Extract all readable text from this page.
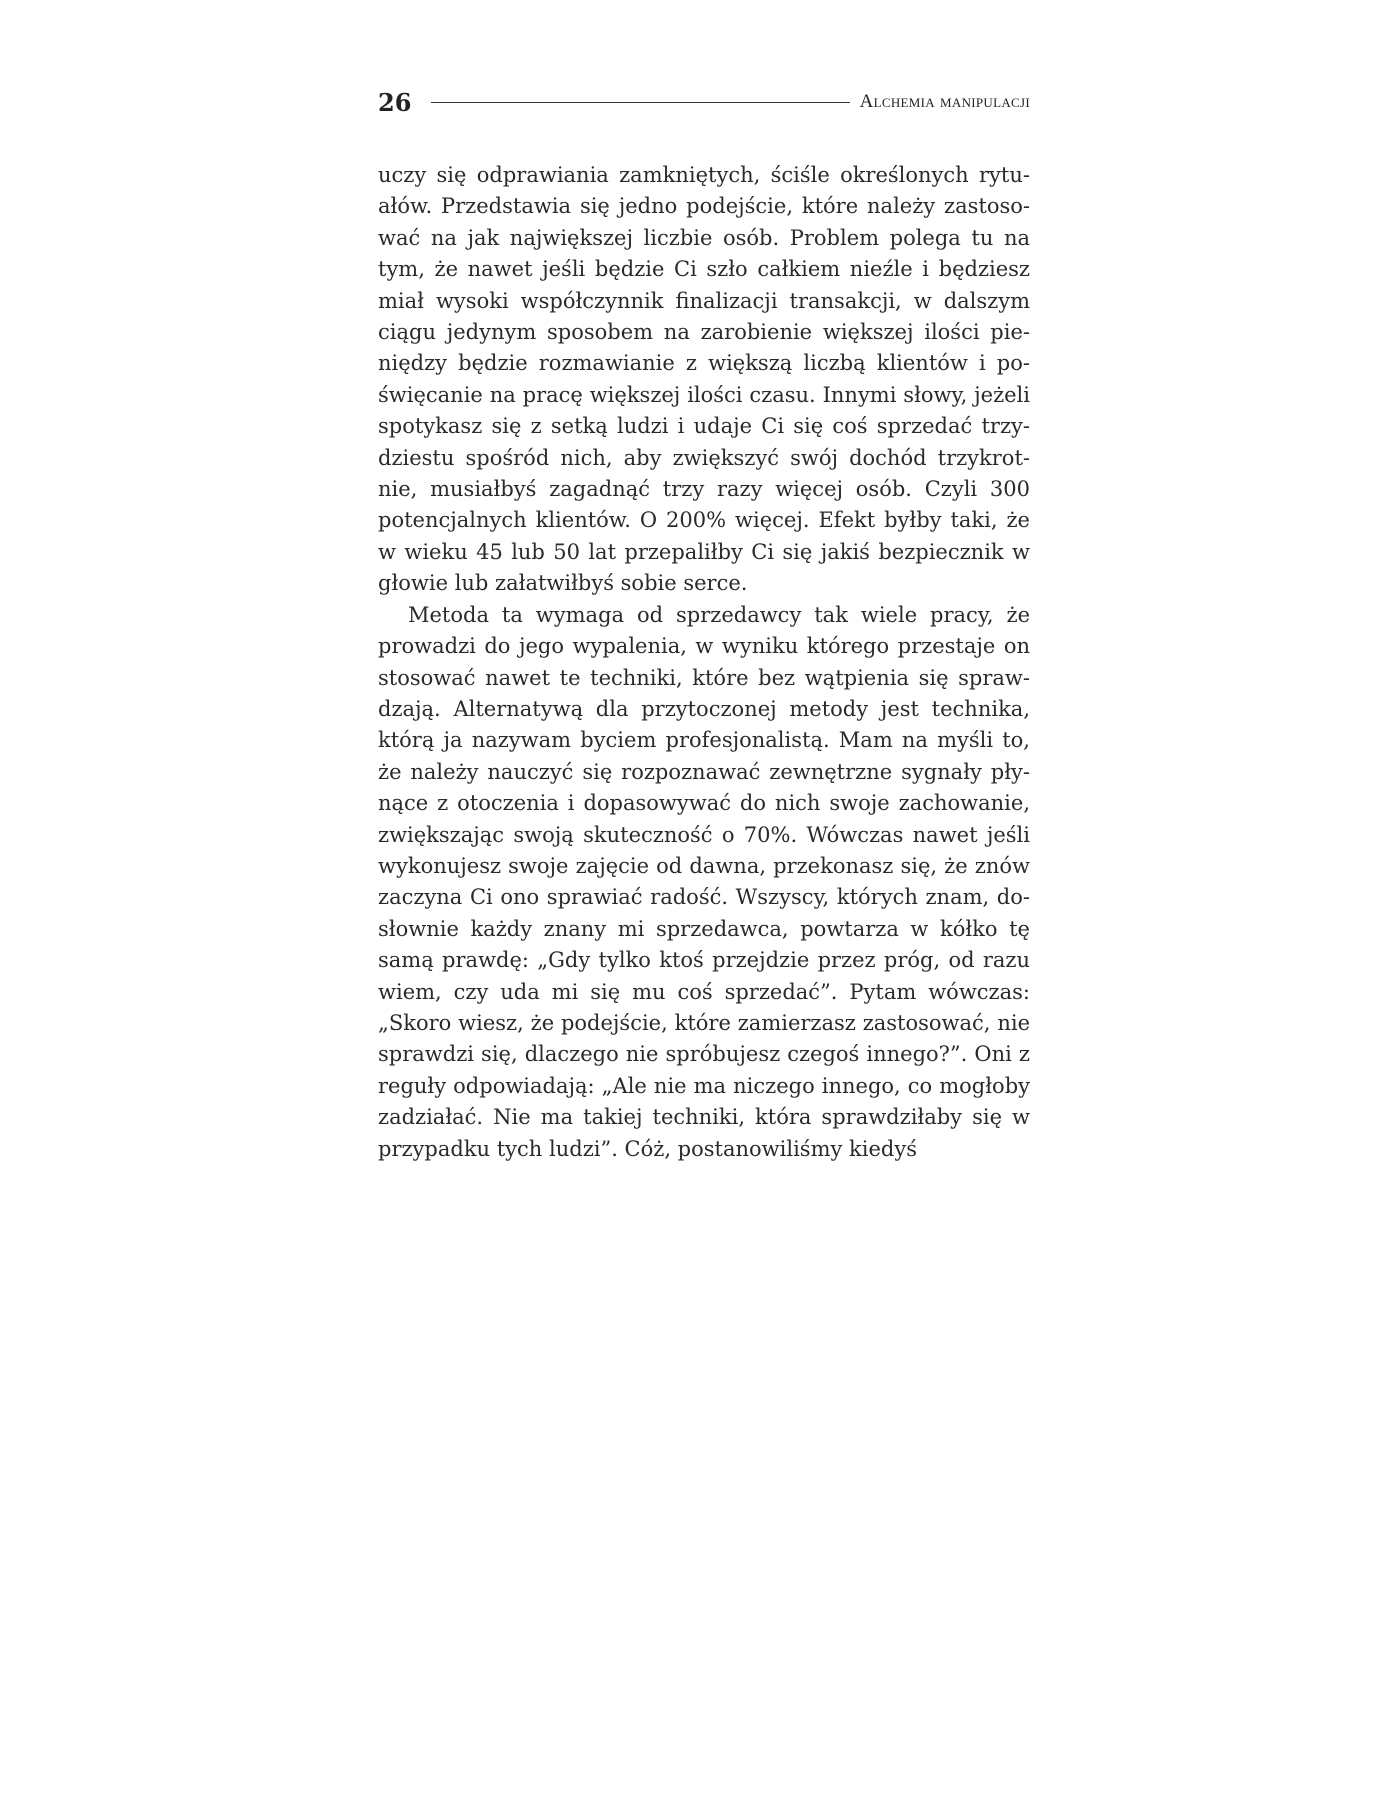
26	Alchemia manipulacji

uczy się odprawiania zamkniętych, ściśle określonych rytuałów. Przedstawia się jedno podejście, które należy zastosować na jak największej liczbie osób. Problem polega tu na tym, że nawet jeśli będzie Ci szło całkiem nieźle i będziesz miał wysoki współczynnik finalizacji transakcji, w dalszym ciągu jedynym sposobem na zarobienie większej ilości pieniędzy będzie rozmawianie z większą liczbą klientów i poświęcanie na pracę większej ilości czasu. Innymi słowy, jeżeli spotykasz się z setką ludzi i udaje Ci się coś sprzedać trzydziestu spośród nich, aby zwiększyć swój dochód trzykrotnie, musiałbyś zagadnąć trzy razy więcej osób. Czyli 300 potencjalnych klientów. O 200% więcej. Efekt byłby taki, że w wieku 45 lub 50 lat przepaliłby Ci się jakiś bezpiecznik w głowie lub załatwiłbyś sobie serce.

Metoda ta wymaga od sprzedawcy tak wiele pracy, że prowadzi do jego wypalenia, w wyniku którego przestaje on stosować nawet te techniki, które bez wątpienia się sprawdzają. Alternatywą dla przytoczonej metody jest technika, którą ja nazywam byciem profesjonalistą. Mam na myśli to, że należy nauczyć się rozpoznawać zewnętrzne sygnały płynące z otoczenia i dopasowywać do nich swoje zachowanie, zwiększając swoją skuteczność o 70%. Wówczas nawet jeśli wykonujesz swoje zajęcie od dawna, przekonasz się, że znów zaczyna Ci ono sprawiać radość. Wszyscy, których znam, dosłownie każdy znany mi sprzedawca, powtarza w kółko tę samą prawdę: „Gdy tylko ktoś przejdzie przez próg, od razu wiem, czy uda mi się mu coś sprzedać”. Pytam wówczas: „Skoro wiesz, że podejście, które zamierzasz zastosować, nie sprawdzi się, dlaczego nie spróbujesz czegoś innego?”. Oni z reguły odpowiadają: „Ale nie ma niczego innego, co mogłoby zadziałać. Nie ma takiej techniki, która sprawdziłaby się w przypadku tych ludzi”. Cóż, postanowiliśmy kiedyś
